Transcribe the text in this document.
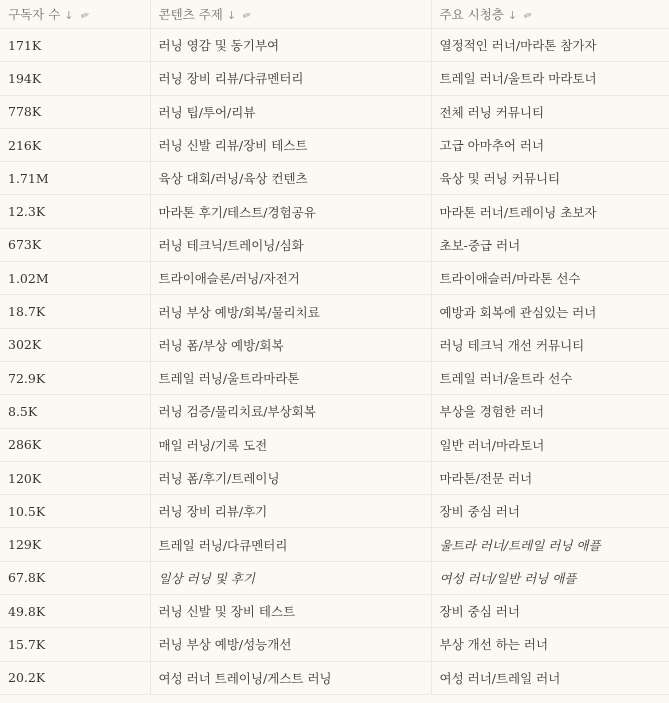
구독자 수 ↓ ✐	콘텐츠 주제 ↓ ✐	주요 시청층 ↓ ✐
171K	러닝 영감 및 동기부여	열정적인 러너/마라톤 참가자
194K	러닝 장비 리뷰/다큐멘터리	트레일 러너/울트라 마라토너
778K	러닝 팁/투어/리뷰	전체 러닝 커뮤니티
216K	러닝 신발 리뷰/장비 테스트	고급 아마추어 러너
1.71M	육상 대회/러닝/육상 컨텐츠	육상 및 러닝 커뮤니티
12.3K	마라톤 후기/테스트/경험공유	마라톤 러너/트레이닝 초보자
673K	러닝 테크닉/트레이닝/심화	초보-중급 러너
1.02M	트라이애슬론/러닝/자전거	트라이애슬러/마라톤 선수
18.7K	러닝 부상 예방/회복/물리치료	예방과 회복에 관심있는 러너
302K	러닝 폼/부상 예방/회복	러닝 테크닉 개선 커뮤니티
72.9K	트레일 러닝/울트라마라톤	트레일 러너/울트라 선수
8.5K	러닝 검증/물리치료/부상회복	부상을 경험한 러너
286K	매일 러닝/기록 도전	일반 러너/마라토너
120K	러닝 폼/후기/트레이닝	마라톤/전문 러너
10.5K	러닝 장비 리뷰/후기	장비 중심 러너
129K	트레일 러닝/다큐멘터리	울트라 러너/트레일 러닝 애플
67.8K	일상 러닝 및 후기	여성 러너/일반 러닝 애플
49.8K	러닝 신발 및 장비 테스트	장비 중심 러너
15.7K	러닝 부상 예방/성능개선	부상 개선 하는 러너
20.2K	여성 러너 트레이닝/게스트 러닝	여성 러너/트레일 러너
